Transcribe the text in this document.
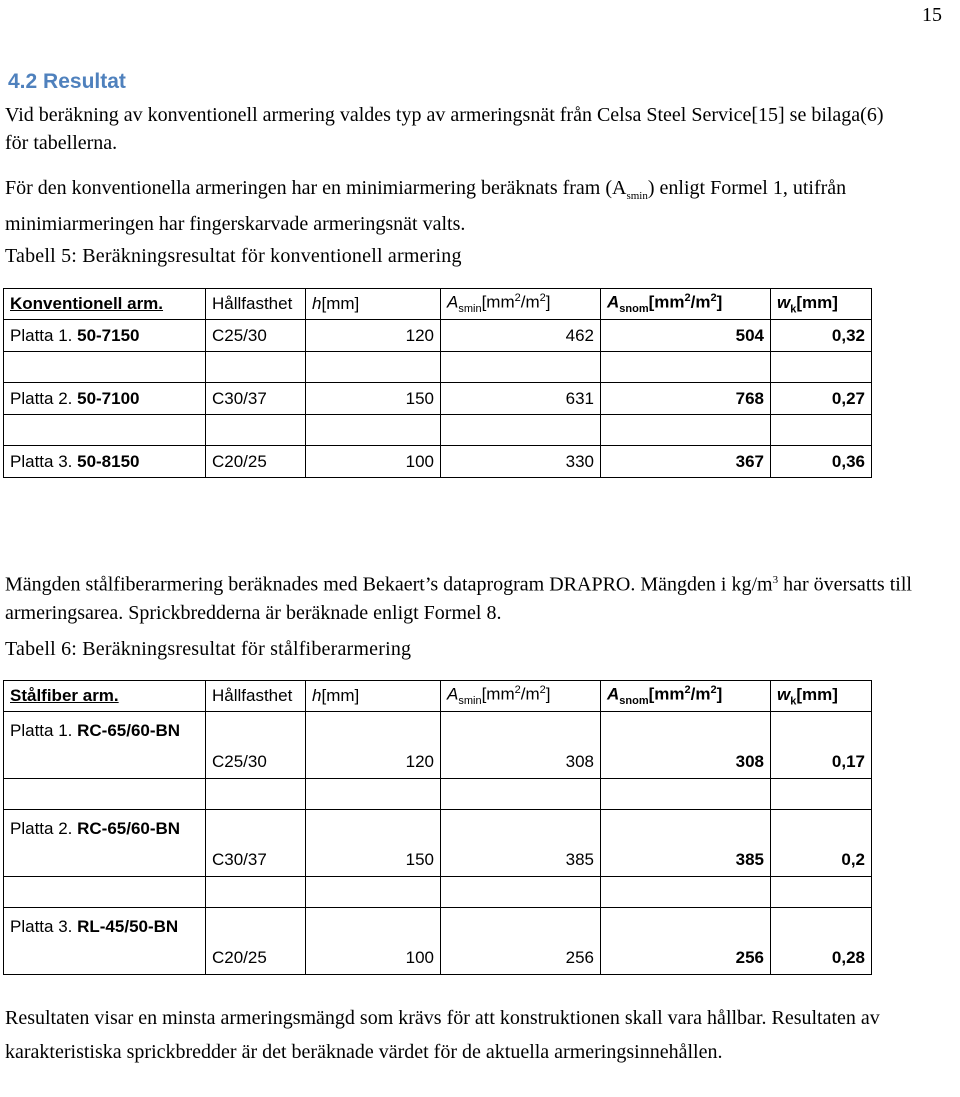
15
4.2 Resultat

Vid beräkning av konventionell armering valdes typ av armeringsnät från Celsa Steel Service[15] se bilaga(6) för tabellerna.

För den konventionella armeringen har en minimiarmering beräknats fram $(A_{smin})$ enligt Formel 1, utifrån minimiarmeringen har fingerskarvade armeringsnät valts.

Tabell 5: Beräkningsresultat för konventionell armering

Konventionell arm.	Hållfasthet	h[mm]	$A_{smin}[mm^2/m^2]$	$A_{snom}[mm^2/m^2]$	$w_k[mm]$
Platta 1. 50-7150	C25/30	120	462	504	0,32

Platta 2. 50-7100	C30/37	150	631	768	0,27

Platta 3. 50-8150	C20/25	100	330	367	0,36

Mängden stålfiberarmering beräknades med Bekaert’s dataprogram DRAPRO. Mängden i $kg/m^3$ har översatts till armeringsarea. Sprickbredderna är beräknade enligt Formel 8.

Tabell 6: Beräkningsresultat för stålfiberarmering

Stålfiber arm.	Hållfasthet	h[mm]	$A_{smin}[mm^2/m^2]$	$A_{snom}[mm^2/m^2]$	$w_k[mm]$
Platta 1. RC-65/60-BN	C25/30	120	308	308	0,17

Platta 2. RC-65/60-BN	C30/37	150	385	385	0,2

Platta 3. RL-45/50-BN	C20/25	100	256	256	0,28

Resultaten visar en minsta armeringsmängd som krävs för att konstruktionen skall vara hållbar. Resultaten av karakteristiska sprickbredder är det beräknade värdet för de aktuella armeringsinnehållen.
